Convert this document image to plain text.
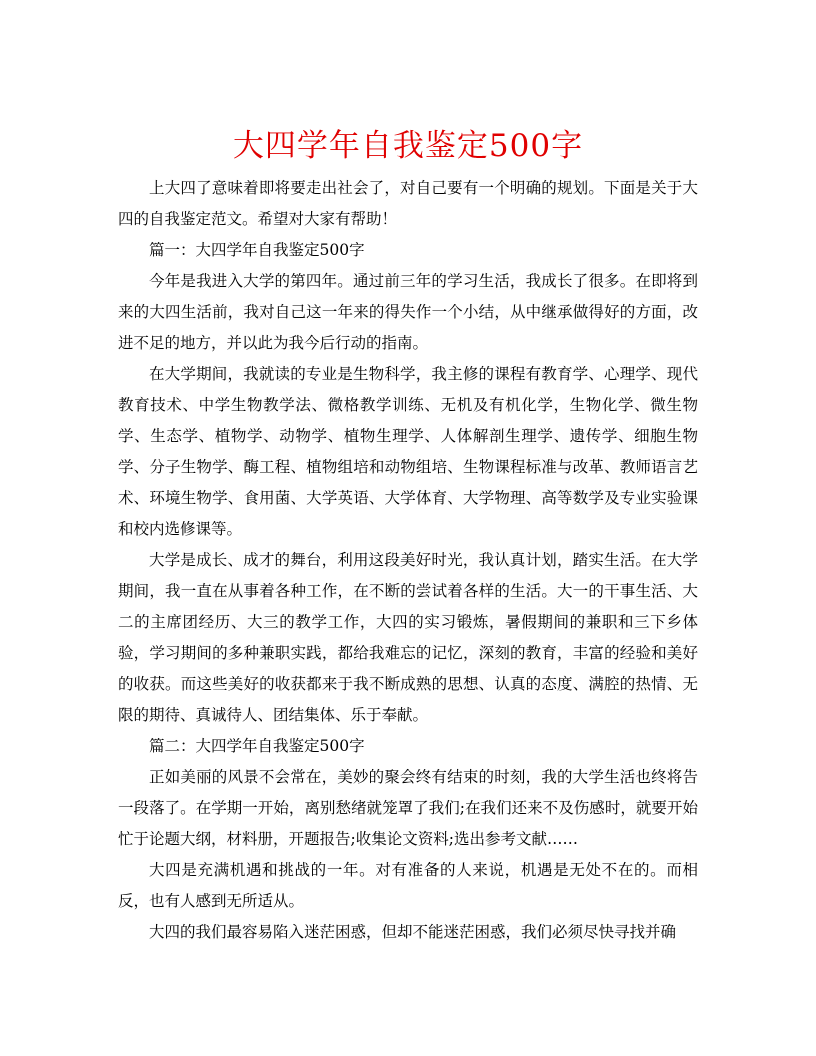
大四学年自我鉴定500字

上大四了意味着即将要走出社会了，对自己要有一个明确的规划。下面是关于大四的自我鉴定范文。希望对大家有帮助！

篇一：大四学年自我鉴定500字

今年是我进入大学的第四年。通过前三年的学习生活，我成长了很多。在即将到来的大四生活前，我对自己这一年来的得失作一个小结，从中继承做得好的方面，改进不足的地方，并以此为我今后行动的指南。

在大学期间，我就读的专业是生物科学，我主修的课程有教育学、心理学、现代教育技术、中学生物教学法、微格教学训练、无机及有机化学，生物化学、微生物学、生态学、植物学、动物学、植物生理学、人体解剖生理学、遗传学、细胞生物学、分子生物学、酶工程、植物组培和动物组培、生物课程标准与改革、教师语言艺术、环境生物学、食用菌、大学英语、大学体育、大学物理、高等数学及专业实验课和校内选修课等。

大学是成长、成才的舞台，利用这段美好时光，我认真计划，踏实生活。在大学期间，我一直在从事着各种工作，在不断的尝试着各样的生活。大一的干事生活、大二的主席团经历、大三的教学工作，大四的实习锻炼，暑假期间的兼职和三下乡体验，学习期间的多种兼职实践，都给我难忘的记忆，深刻的教育，丰富的经验和美好的收获。而这些美好的收获都来于我不断成熟的思想、认真的态度、满腔的热情、无限的期待、真诚待人、团结集体、乐于奉献。

篇二：大四学年自我鉴定500字

正如美丽的风景不会常在，美妙的聚会终有结束的时刻，我的大学生活也终将告一段落了。在学期一开始，离别愁绪就笼罩了我们;在我们还来不及伤感时，就要开始忙于论题大纲，材料册，开题报告;收集论文资料;选出参考文献……

大四是充满机遇和挑战的一年。对有准备的人来说，机遇是无处不在的。而相反，也有人感到无所适从。

大四的我们最容易陷入迷茫困惑，但却不能迷茫困惑，我们必须尽快寻找并确
